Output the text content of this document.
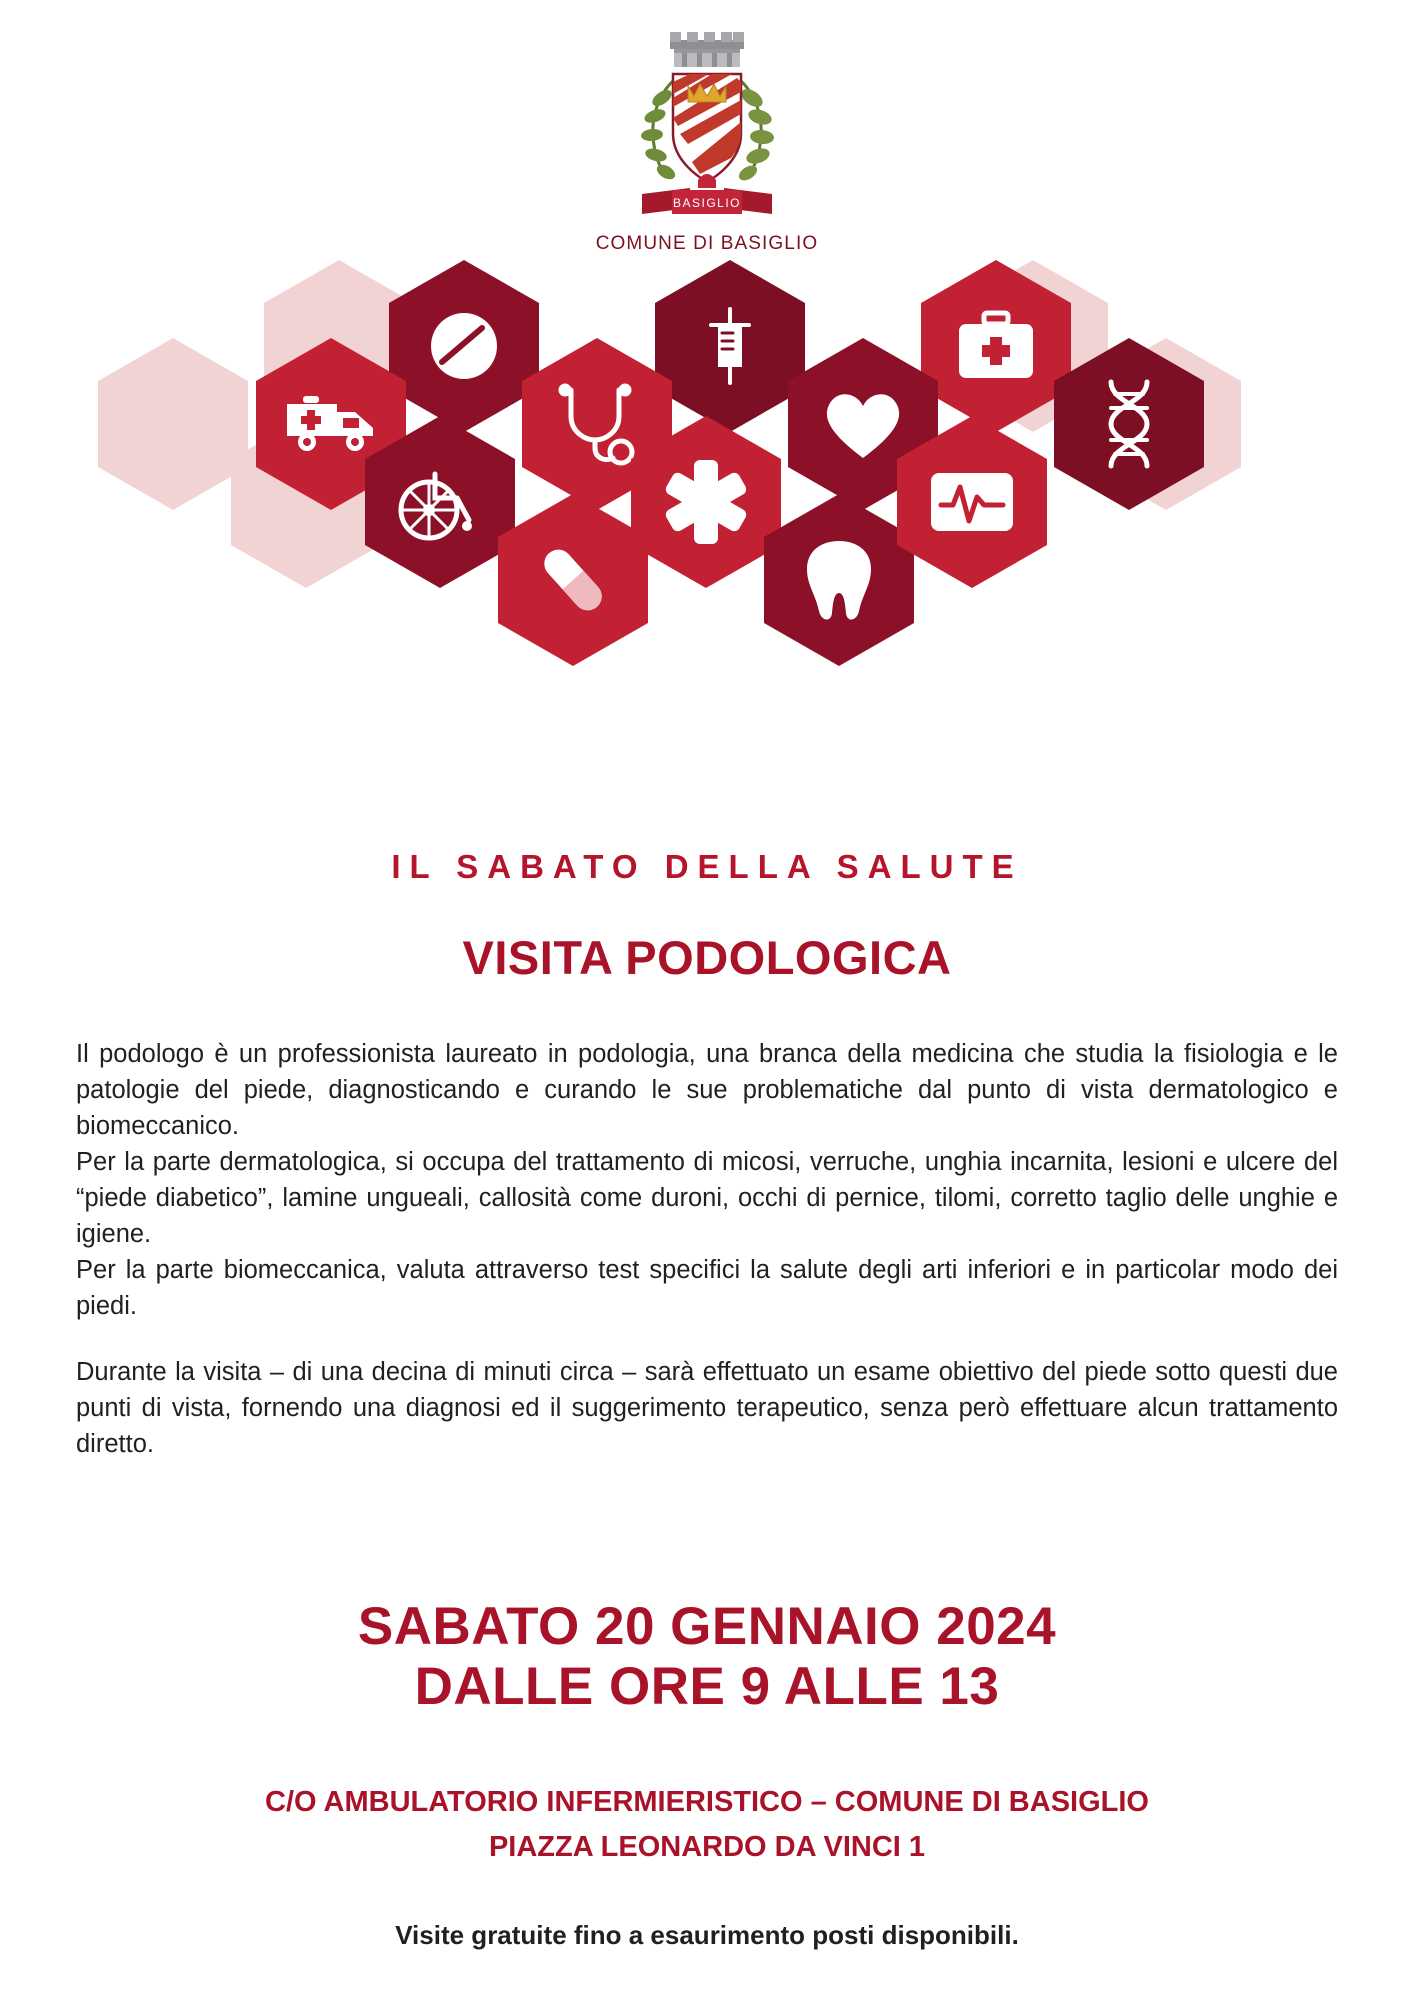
BASIGLIO
COMUNE DI BASIGLIO
IL SABATO DELLA SALUTE
VISITA PODOLOGICA

Il podologo è un professionista laureato in podologia, una branca della medicina che studia la fisiologia e le patologie del piede, diagnosticando e curando le sue problematiche dal punto di vista dermatologico e biomeccanico.

Per la parte dermatologica, si occupa del trattamento di micosi, verruche, unghia incarnita, lesioni e ulcere del “piede diabetico”, lamine ungueali, callosità come duroni, occhi di pernice, tilomi, corretto taglio delle unghie e igiene.

Per la parte biomeccanica, valuta attraverso test specifici la salute degli arti inferiori e in particolar modo dei piedi.

Durante la visita – di una decina di minuti circa – sarà effettuato un esame obiettivo del piede sotto questi due punti di vista, fornendo una diagnosi ed il suggerimento terapeutico, senza però effettuare alcun trattamento diretto.

SABATO 20 GENNAIO 2024
DALLE ORE 9 ALLE 13
C/O AMBULATORIO INFERMIERISTICO – COMUNE DI BASIGLIO
PIAZZA LEONARDO DA VINCI 1
Visite gratuite fino a esaurimento posti disponibili.
